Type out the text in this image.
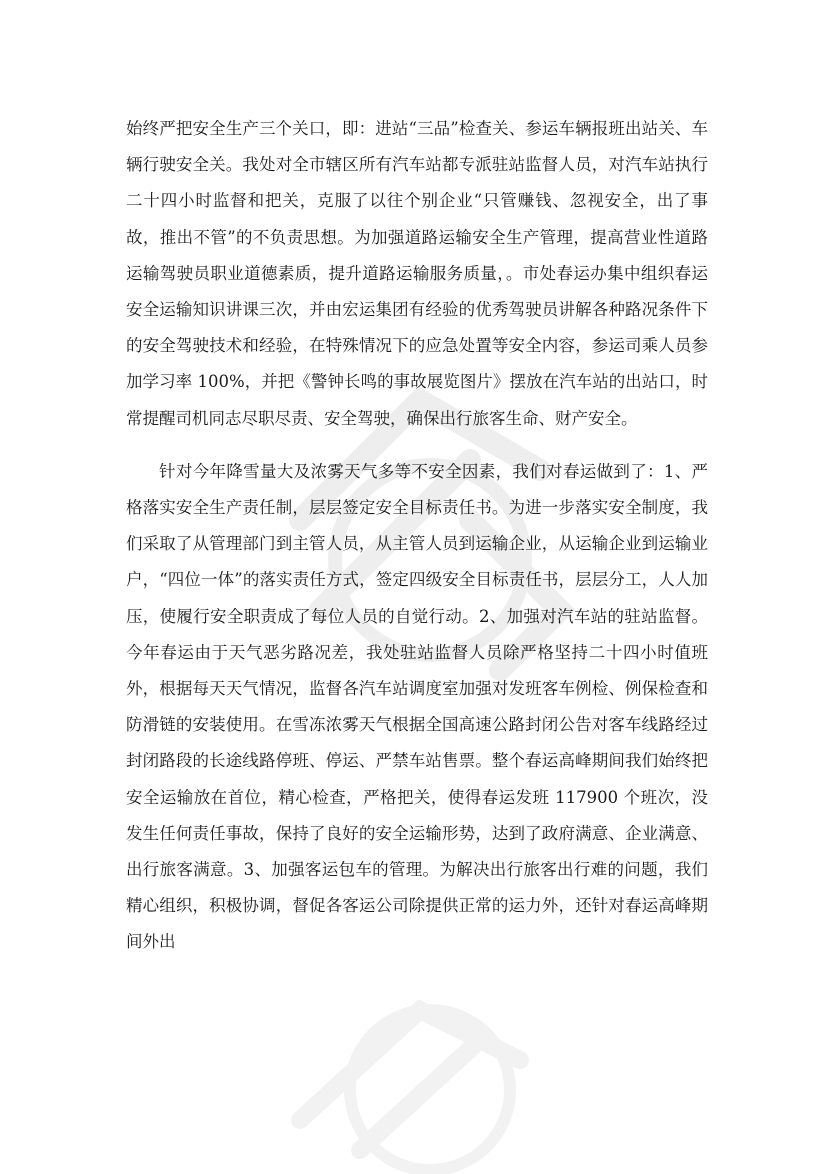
始终严把安全生产三个关口，即：进站“三品”检查关、参运车辆报班出站关、车辆行驶安全关。我处对全市辖区所有汽车站都专派驻站监督人员，对汽车站执行二十四小时监督和把关，克服了以往个别企业“只管赚钱、忽视安全，出了事故，推出不管”的不负责思想。为加强道路运输安全生产管理，提高营业性道路运输驾驶员职业道德素质，提升道路运输服务质量，。市处春运办集中组织春运安全运输知识讲课三次，并由宏运集团有经验的优秀驾驶员讲解各种路况条件下的安全驾驶技术和经验，在特殊情况下的应急处置等安全内容，参运司乘人员参加学习率 100%，并把《警钟长鸣的事故展览图片》摆放在汽车站的出站口，时常提醒司机同志尽职尽责、安全驾驶，确保出行旅客生命、财产安全。

针对今年降雪量大及浓雾天气多等不安全因素，我们对春运做到了：1、严格落实安全生产责任制，层层签定安全目标责任书。为进一步落实安全制度，我们采取了从管理部门到主管人员，从主管人员到运输企业，从运输企业到运输业户，“四位一体”的落实责任方式，签定四级安全目标责任书，层层分工，人人加压，使履行安全职责成了每位人员的自觉行动。2、加强对汽车站的驻站监督。今年春运由于天气恶劣路况差，我处驻站监督人员除严格坚持二十四小时值班外，根据每天天气情况，监督各汽车站调度室加强对发班客车例检、例保检查和防滑链的安装使用。在雪冻浓雾天气根据全国高速公路封闭公告对客车线路经过封闭路段的长途线路停班、停运、严禁车站售票。整个春运高峰期间我们始终把安全运输放在首位，精心检查，严格把关，使得春运发班 117900 个班次，没发生任何责任事故，保持了良好的安全运输形势，达到了政府满意、企业满意、出行旅客满意。3、加强客运包车的管理。为解决出行旅客出行难的问题，我们精心组织，积极协调，督促各客运公司除提供正常的运力外，还针对春运高峰期间外出
